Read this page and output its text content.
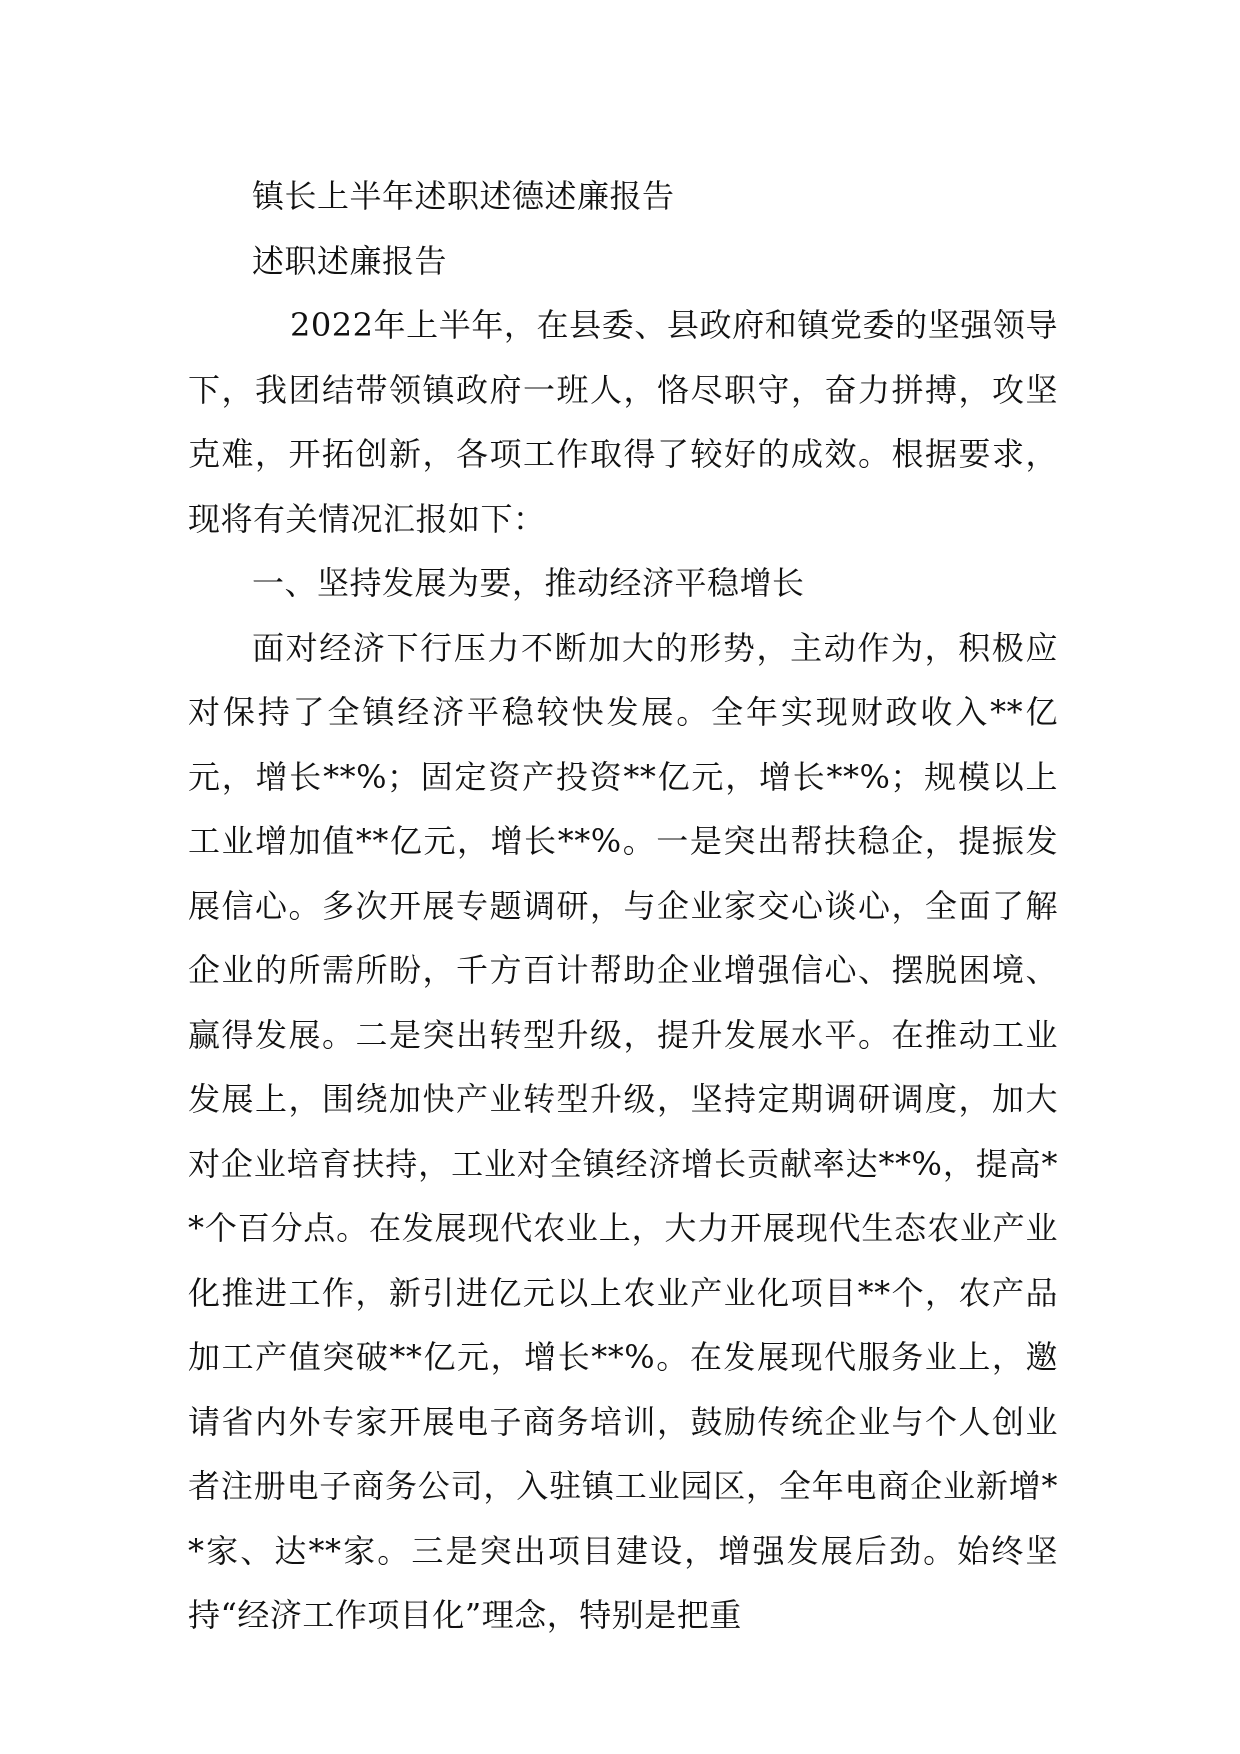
镇长上半年述职述德述廉报告

述职述廉报告

2022年上半年，在县委、县政府和镇党委的坚强领导下，我团结带领镇政府一班人，恪尽职守，奋力拼搏，攻坚克难，开拓创新，各项工作取得了较好的成效。根据要求，现将有关情况汇报如下：

一、坚持发展为要，推动经济平稳增长

面对经济下行压力不断加大的形势，主动作为，积极应对保持了全镇经济平稳较快发展。全年实现财政收入**亿元，增长**%；固定资产投资**亿元，增长**%；规模以上工业增加值**亿元，增长**%。一是突出帮扶稳企，提振发展信心。多次开展专题调研，与企业家交心谈心，全面了解企业的所需所盼，千方百计帮助企业增强信心、摆脱困境、赢得发展。二是突出转型升级，提升发展水平。在推动工业发展上，围绕加快产业转型升级，坚持定期调研调度，加大对企业培育扶持，工业对全镇经济增长贡献率达**%，提高**个百分点。在发展现代农业上，大力开展现代生态农业产业化推进工作，新引进亿元以上农业产业化项目**个，农产品加工产值突破**亿元，增长**%。在发展现代服务业上，邀请省内外专家开展电子商务培训，鼓励传统企业与个人创业者注册电子商务公司，入驻镇工业园区，全年电商企业新增**家、达**家。三是突出项目建设，增强发展后劲。始终坚持“经济工作项目化”理念，特别是把重
